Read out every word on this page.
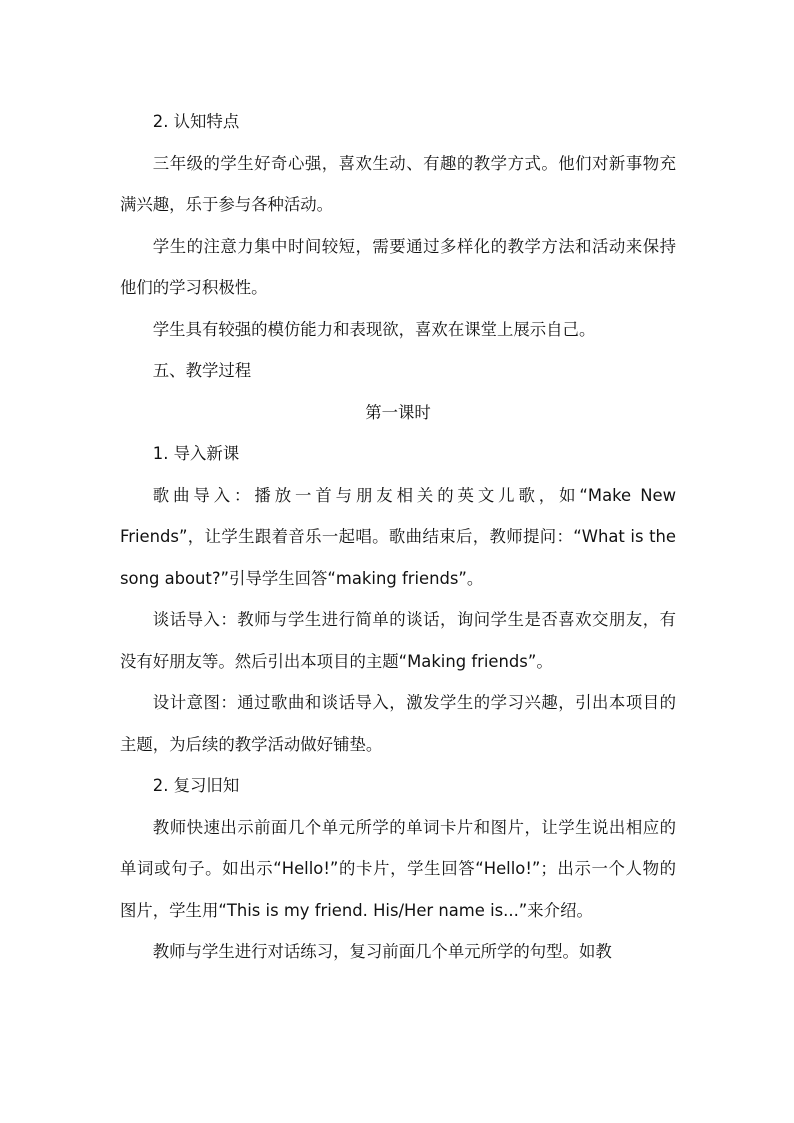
2. 认知特点

三年级的学生好奇心强，喜欢生动、有趣的教学方式。他们对新事物充满兴趣，乐于参与各种活动。

学生的注意力集中时间较短，需要通过多样化的教学方法和活动来保持他们的学习积极性。

学生具有较强的模仿能力和表现欲，喜欢在课堂上展示自己。

五、教学过程

第一课时

1. 导入新课

歌曲导入：播放一首与朋友相关的英文儿歌，如“Make New Friends”，让学生跟着音乐一起唱。歌曲结束后，教师提问：“What is the song about?”引导学生回答“making friends”。

谈话导入：教师与学生进行简单的谈话，询问学生是否喜欢交朋友，有没有好朋友等。然后引出本项目的主题“Making friends”。

设计意图：通过歌曲和谈话导入，激发学生的学习兴趣，引出本项目的主题，为后续的教学活动做好铺垫。

2. 复习旧知

教师快速出示前面几个单元所学的单词卡片和图片，让学生说出相应的单词或句子。如出示“Hello!”的卡片，学生回答“Hello!”；出示一个人物的图片，学生用“This is my friend. His/Her name is...”来介绍。

教师与学生进行对话练习，复习前面几个单元所学的句型。如教
